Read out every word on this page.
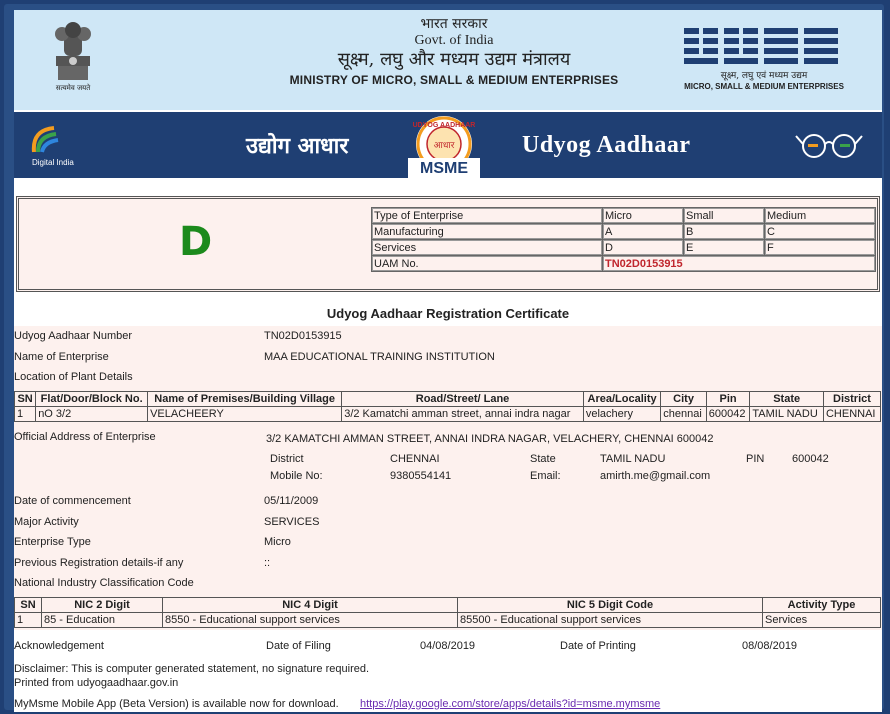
सत्यमेव जयते
भारत सरकार
Govt. of India
सूक्ष्म, लघु और मध्यम उद्यम मंत्रालय
MINISTRY OF MICRO, SMALL & MEDIUM ENTERPRISES	सूक्ष्म, लघु एवं मध्यम उद्यम
MICRO, SMALL & MEDIUM ENTERPRISES
Digital India
उद्योग आधार
UDYOG AADHAAR
आधार
MSME
Udyog Aadhaar
D
Type of Enterprise	Micro	Small	Medium
Manufacturing	A	B	C
Services	D	E	F
UAM No.	TN02D0153915		
Udyog Aadhaar Registration Certificate
Udyog Aadhaar Number	TN02D0153915
Name of Enterprise	MAA EDUCATIONAL TRAINING INSTITUTION
Location of Plant Details
SN	Flat/Door/Block No.	Name of Premises/Building Village	Road/Street/ Lane	Area/Locality	City	Pin	State	District
1	nO 3/2	VELACHEERY	3/2 Kamatchi amman street, annai indra nagar	velachery	chennai	600042	TAMIL NADU	CHENNAI
Official Address of Enterprise	3/2 KAMATCHI AMMAN STREET, ANNAI INDRA NAGAR, VELACHERY, CHENNAI 600042
District	CHENNAI	State	TAMIL NADU	PIN	600042
Mobile No:	9380554141	Email:	amirth.me@gmail.com
Date of commencement	05/11/2009
Major Activity	SERVICES
Enterprise Type	Micro
Previous Registration details-if any	::
National Industry Classification Code
SN	NIC 2 Digit	NIC 4 Digit	NIC 5 Digit Code	Activity Type
1	85 - Education	8550 - Educational support services	85500 - Educational support services	Services
Acknowledgement	Date of Filing	04/08/2019	Date of Printing	08/08/2019
Disclaimer: This is computer generated statement, no signature required.
Printed from udyogaadhaar.gov.in
MyMsme Mobile App (Beta Version) is available now for download. https://play.google.com/store/apps/details?id=msme.mymsme
